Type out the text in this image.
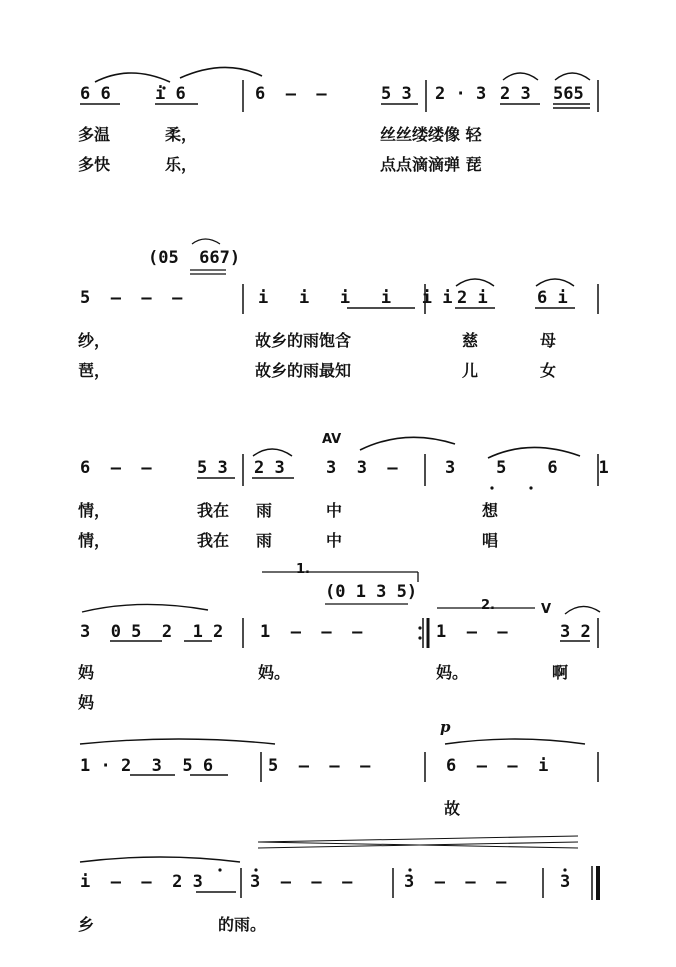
6 6	i 6	6  —  —	5 3 2 · 3 2 3 565
多温	柔，	丝丝缕缕像 轻
多快	乐，	点点滴滴弹 琵
(05  667)
5  —  —  —	i   i   i   i   i i 2 i	6 i
纱，	故乡的雨饱含	慈	母
琶，	故乡的雨最知	儿	女
AV
6  —  —	5 3 2 3 3  3  —	3    5    6    1
情，	我在 雨	中	想
情，	我在 雨	中	唱
1.
(0 1 3 5)
2.	V
3  0 5  2  1 2 1  —  —  —	1  —  —	3 2
妈	妈。	妈。	啊
妈
p
1 · 2  3  5 6	5  —  —  —	6  —  —  i
故
i  —  —  2 3	3  —  —  —	3  —  —  —	3
乡	的雨。
